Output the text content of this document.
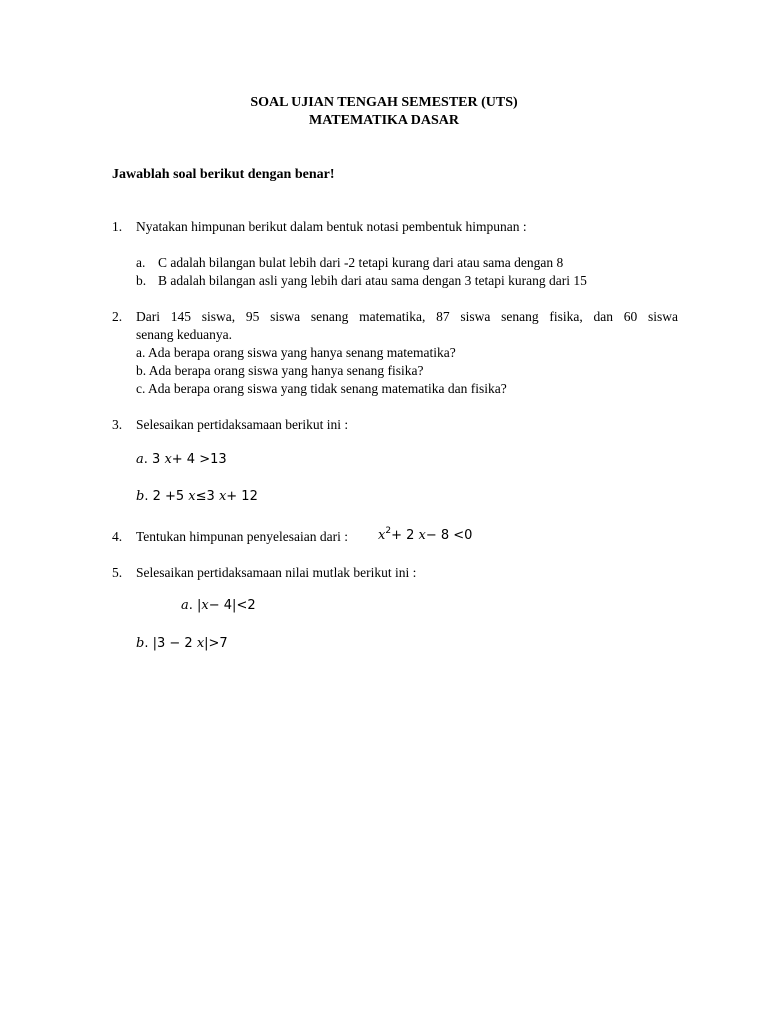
SOAL UJIAN TENGAH SEMESTER (UTS)
MATEMATIKA DASAR
Jawablah soal berikut dengan benar!
1. Nyatakan himpunan berikut dalam bentuk notasi pembentuk himpunan :
a. C adalah bilangan bulat lebih dari -2 tetapi kurang dari atau sama dengan 8
b. B adalah bilangan asli yang lebih dari atau sama dengan 3 tetapi kurang dari 15
2. Dari 145 siswa, 95 siswa senang matematika, 87 siswa senang fisika, dan 60 siswa
senang keduanya.
a. Ada berapa orang siswa yang hanya senang matematika?
b. Ada berapa orang siswa yang hanya senang fisika?
c. Ada berapa orang siswa yang tidak senang matematika dan fisika?
3. Selesaikan pertidaksamaan berikut ini :
a. 3 x+ 4 >13
b. 2 +5 x≤3 x+ 12
4. Tentukan himpunan penyelesaian dari : $x^2+ 2$ x− 8 <0
5. Selesaikan pertidaksamaan nilai mutlak berikut ini :
a. |x− 4|<2
b. |3 − 2 x|>7
